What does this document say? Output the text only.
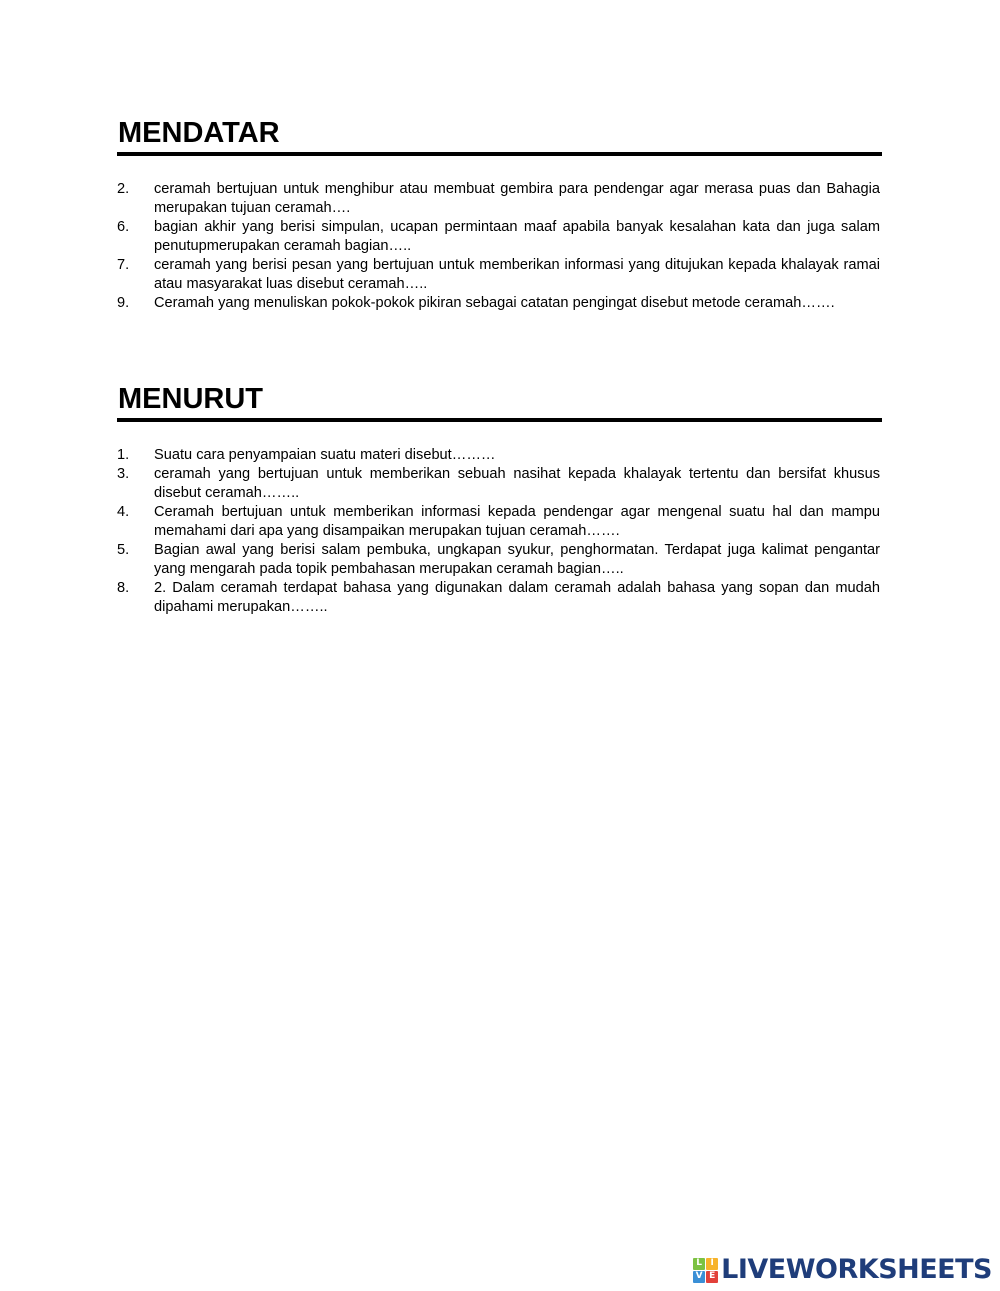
MENDATAR
2.	ceramah bertujuan untuk menghibur atau membuat gembira para pendengar agar merasa puas dan Bahagia merupakan tujuan ceramah….
6.	bagian akhir yang berisi simpulan, ucapan permintaan maaf apabila banyak kesalahan kata dan juga salam penutupmerupakan ceramah bagian…..
7.	ceramah yang berisi pesan yang bertujuan untuk memberikan informasi yang ditujukan kepada khalayak ramai atau masyarakat luas disebut ceramah…..
9.	Ceramah yang menuliskan pokok-pokok pikiran sebagai catatan pengingat disebut metode ceramah…….
MENURUT
1.	Suatu cara penyampaian suatu materi disebut………
3.	ceramah yang bertujuan untuk memberikan sebuah nasihat kepada khalayak tertentu dan bersifat khusus disebut ceramah……..
4.	Ceramah bertujuan untuk memberikan informasi kepada pendengar agar mengenal suatu hal dan mampu memahami dari apa yang disampaikan merupakan tujuan ceramah…….
5.	Bagian awal yang berisi salam pembuka, ungkapan syukur, penghormatan. Terdapat juga kalimat pengantar yang mengarah pada topik pembahasan merupakan ceramah bagian…..
8.	2. Dalam ceramah terdapat bahasa yang digunakan dalam ceramah adalah bahasa yang sopan dan mudah dipahami merupakan……..
L I
V E LIVEWORKSHEETS
